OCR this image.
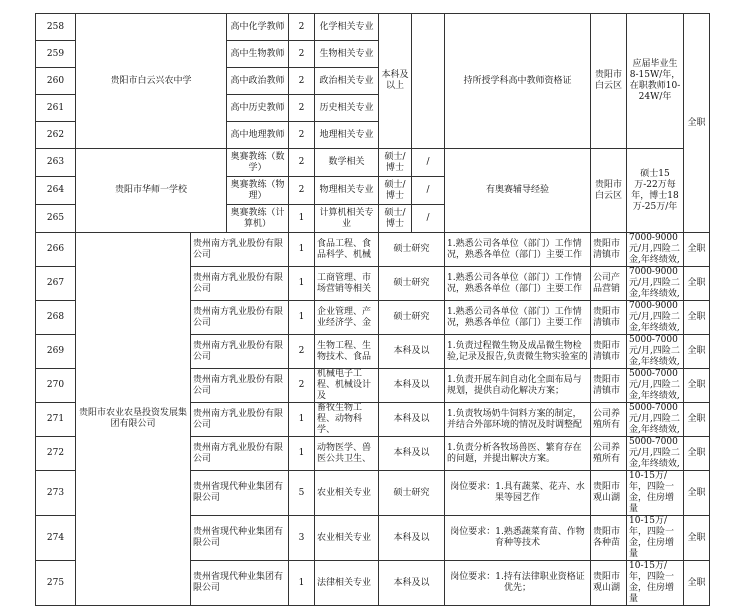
258	贵阳市白云兴农中学		高中化学教师	2	化学相关专业	本科及以上		持所授学科高中教师资格证	贵阳市白云区	应届毕业生8-15W/年，在职教师10-24W/年	全职
259			高中生物教师	2	生物相关专业						
260			高中政治教师	2	政治相关专业						
261			高中历史教师	2	历史相关专业						
262			高中地理教师	2	地理相关专业						
263	贵阳市华师一学校		奥赛教练（数学）	2	数学相关	硕士/博士	/	有奥赛辅导经验	贵阳市白云区	硕士15万-22万每年，博士18万-25万/年	
264			奥赛教练（物理）	2	物理相关专业	硕士/博士	/				
265			奥赛教练（计算机）	1	计算机相关专业	硕士/博士	/				
266	贵阳市农业农垦投资发展集团有限公司	贵州南方乳业股份有限公司		1	食品工程、食品科学、机械	硕士研究		1.熟悉公司各单位（部门）工作情况，熟悉各单位（部门）主要工作	贵阳市清镇市	7000-9000元/月,四险二金,年终绩效,	全职
267		贵州南方乳业股份有限公司		1	工商管理、市场营销等相关	硕士研究		1.熟悉公司各单位（部门）工作情况，熟悉各单位（部门）主要工作	公司产品营销	7000-9000元/月,四险二金,年终绩效,	全职
268		贵州南方乳业股份有限公司		1	企业管理、产业经济学、金	硕士研究		1.熟悉公司各单位（部门）工作情况，熟悉各单位（部门）主要工作	贵阳市清镇市	7000-9000元/月,四险二金,年终绩效,	全职
269		贵州南方乳业股份有限公司		2	生物工程、生物技术、食品	本科及以		1.负责过程微生物及成品微生物检验,记录及报告,负责微生物实验室的	贵阳市清镇市	5000-7000元/月,四险二金,年终绩效,	全职
270		贵州南方乳业股份有限公司		2	机械电子工程、机械设计及	本科及以		1.负责开展车间自动化全面布局与规划，提供自动化解决方案；	贵阳市清镇市	5000-7000元/月,四险二金,年终绩效,	全职
271		贵州南方乳业股份有限公司		1	畜牧生物工程、动物科学、	本科及以		1.负责牧场奶牛饲料方案的制定，并结合外部环境的情况及时调整配	公司养殖所有	5000-7000元/月,四险二金,年终绩效,	全职
272		贵州南方乳业股份有限公司		1	动物医学、兽医公共卫生、	本科及以		1.负责分析各牧场兽医、繁育存在的问题，并提出解决方案。	公司养殖所有	5000-7000元/月,四险二金,年终绩效,	全职
273		贵州省现代种业集团有限公司		5	农业相关专业	硕士研究		岗位要求：1.具有蔬菜、花卉、水果等园艺作	贵阳市观山湖	10-15万/年，四险一金，住房增量	全职
274		贵州省现代种业集团有限公司		3	农业相关专业	本科及以		岗位要求：1.熟悉蔬菜育苗、作物育种等技术	贵阳市各种苗	10-15万/年，四险一金，住房增量	全职
275		贵州省现代种业集团有限公司		1	法律相关专业	本科及以		岗位要求：1.持有法律职业资格证优先；	贵阳市观山湖	10-15万/年，四险一金，住房增量	全职
